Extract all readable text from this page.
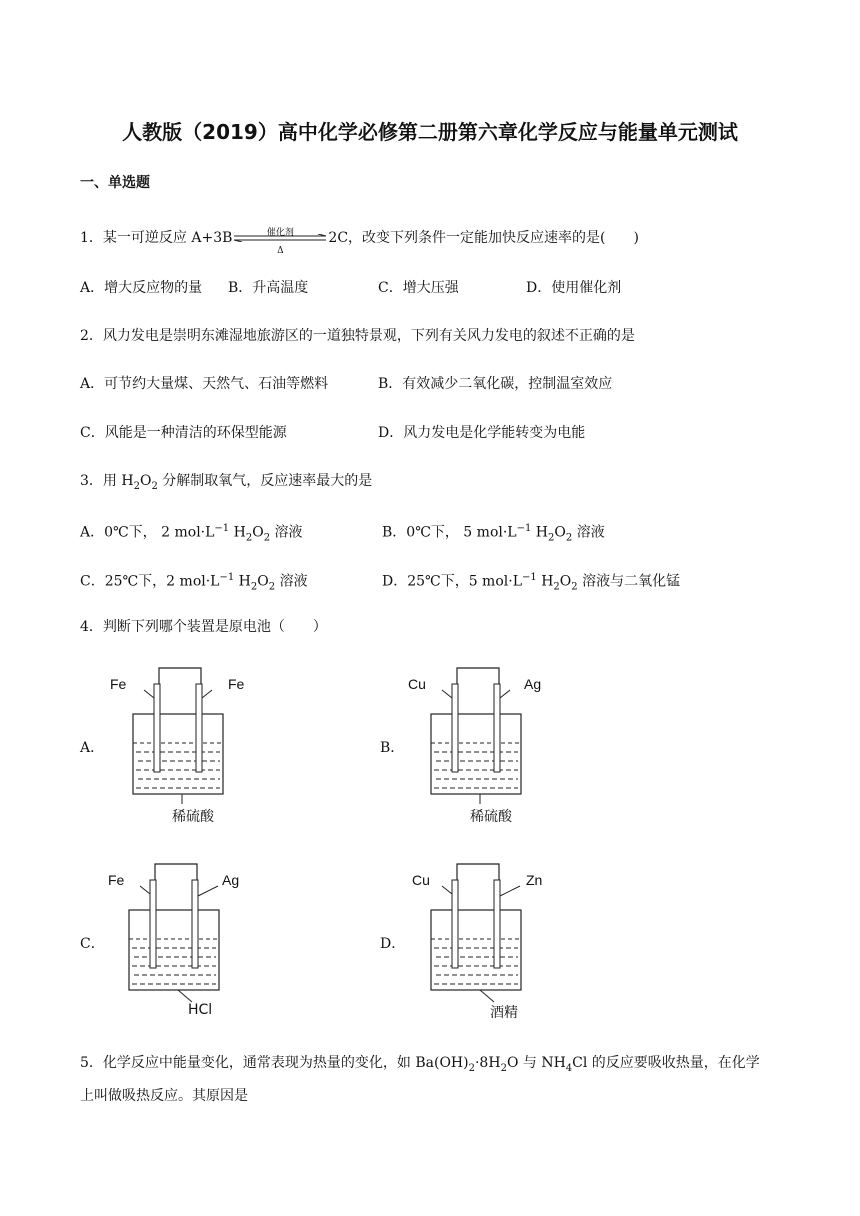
人教版（2019）高中化学必修第二册第六章化学反应与能量单元测试
一、单选题
1．某一可逆反应 A+3B	催化剂
Δ
2C，改变下列条件一定能加快反应速率的是(　　)
A．增大反应物的量 B．升高温度	C．增大压强	D．使用催化剂
2．风力发电是崇明东滩湿地旅游区的一道独特景观，下列有关风力发电的叙述不正确的是
A．可节约大量煤、天然气、石油等燃料	B．有效减少二氧化碳，控制温室效应
C．风能是一种清洁的环保型能源	D．风力发电是化学能转变为电能
3．用 $H_2O_2$ 分解制取氧气，反应速率最大的是
A．0℃下， 2 $mol\cdot L^{-1}$ $H_2O_2$ 溶液	B．0℃下， 5 $mol\cdot L^{-1}$ $H_2O_2$ 溶液
C．25℃下，2 $mol\cdot L^{-1}$ $H_2O_2$ 溶液	D．25℃下，5 $mol\cdot L^{-1}$ $H_2O_2$ 溶液与二氧化锰
4．判断下列哪个装置是原电池（　　）
A．
Fe	Fe
稀硫酸
B．
Cu	Ag
稀硫酸
C．
Fe	Ag
HCl
D．
Cu	Zn
酒精
5．化学反应中能量变化，通常表现为热量的变化，如 $Ba(OH)_2\cdot 8H_2O$ 与 $NH_4Cl$ 的反应要吸收热量，在化学
上叫做吸热反应。其原因是
